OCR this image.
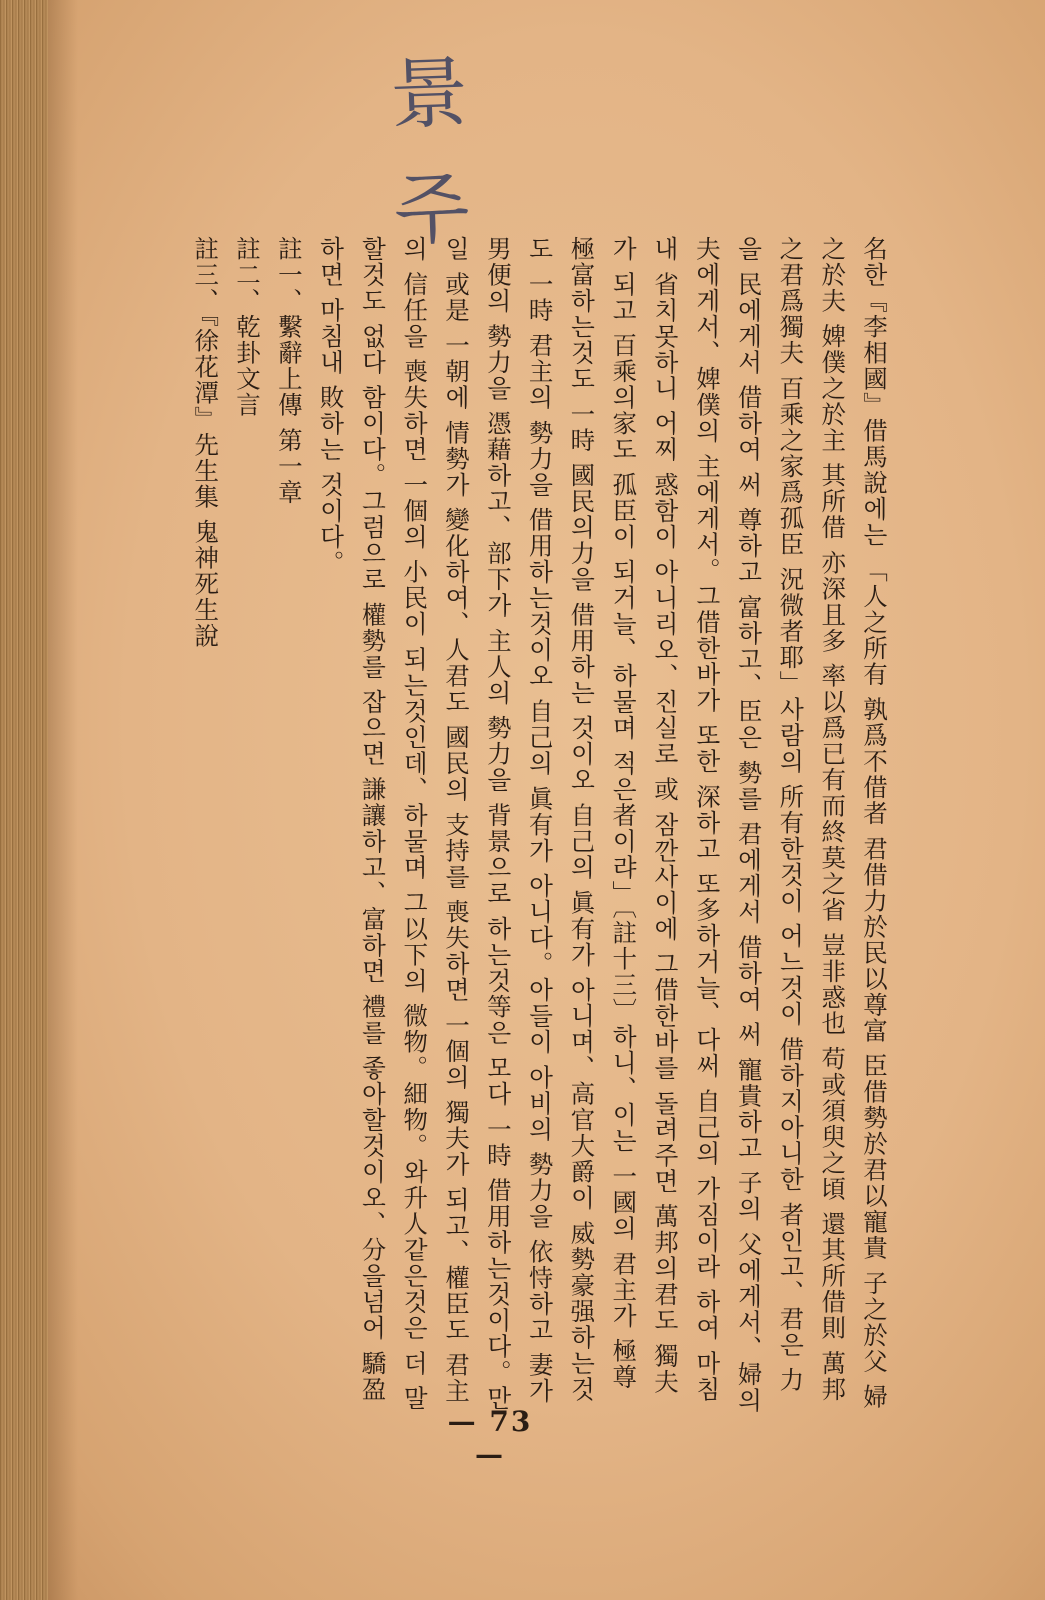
景 주

名한『李相國』借馬說에는 「人之所有 孰爲不借者 君借力於民以尊富 臣借勢於君以寵貴 子之於父 婦之於夫 婢僕之於主 其所借 亦深且多 率以爲已有而終莫之省 豈非惑也 苟或須臾之頃 還其所借則 萬邦之君爲獨夫 百乘之家爲孤臣 況微者耶」사람의 所有한것이 어느것이 借하지아니한 者인고、君은 力을 民에게서 借하여 써 尊하고 富하고、臣은 勢를 君에게서 借하여 써 寵貴하고 子의 父에게서、婦의 夫에게서、婢僕의 主에게서。그借한바가 또한 深하고 또多하거늘、다써 自己의 가짐이라 하여 마침내 省치못하니 어찌 惑함이 아니리오、진실로 或 잠깐사이에 그借한바를 돌려주면 萬邦의君도 獨夫가 되고 百乘의家도 孤臣이 되거늘、하물며 적은者이랴」〔註十三〕하니、이는 一國의 君主가 極尊極富하는것도 一時 國民의力을 借用하는 것이오 自己의 眞有가 아니며、高官大爵이 威勢豪强하는것도 一時 君主의 勢力을 借用하는것이오 自己의 眞有가 아니다。아들이 아비의 勢力을 依恃하고 妻가 男便의 勢力을 憑藉하고、部下가 主人의 勢力을 背景으로 하는것等은 모다 一時 借用하는것이다。만일 或是 一朝에 情勢가 變化하여、人君도 國民의 支持를 喪失하면 一個의 獨夫가 되고、權臣도 君主의 信任을 喪失하면 一個의 小民이 되는것인데、하물며 그以下의 微物。細物。와升人같은것은 더 말할것도 없다 함이다。그럼으로 權勢를 잡으면 謙讓하고、富하면 禮를 좋아할것이오、分을넘어 驕盈하면 마침내 敗하는 것이다。

註一、繫辭上傳 第一章

註二、乾卦文言

註三、『徐花潭』先生集 鬼神死生說

— 73 —
